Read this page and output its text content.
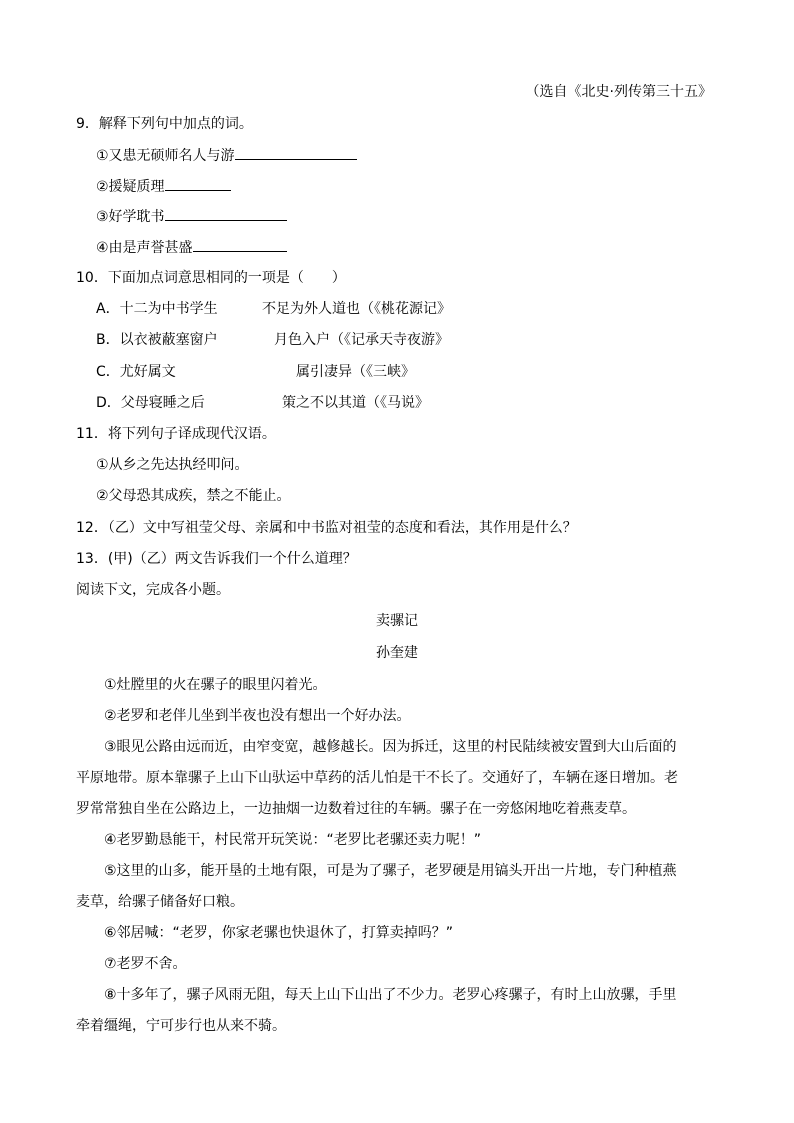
（选自《北史·列传第三十五》
9．解释下列句中加点的词。
①又患无硕师名人与游
②援疑质理
③好学耽书
④由是声誉甚盛
10．下面加点词意思相同的一项是（　　）
A．十二为中书学生	不足为外人道也（《桃花源记》
B．以衣被蔽塞窗户	月色入户（《记承天寺夜游》
C．尤好属文	属引凄异（《三峡》
D．父母寝睡之后	策之不以其道（《马说》
11．将下列句子译成现代汉语。
①从乡之先达执经叩问。
②父母恐其成疾，禁之不能止。
12．（乙）文中写祖莹父母、亲属和中书监对祖莹的态度和看法，其作用是什么？
13．(甲)（乙）两文告诉我们一个什么道理？
阅读下文，完成各小题。
卖骡记
孙奎建
①灶膛里的火在骡子的眼里闪着光。
②老罗和老伴儿坐到半夜也没有想出一个好办法。
③眼见公路由远而近，由窄变宽，越修越长。因为拆迁，这里的村民陆续被安置到大山后面的
平原地带。原本靠骡子上山下山驮运中草药的活儿怕是干不长了。交通好了，车辆在逐日增加。老
罗常常独自坐在公路边上，一边抽烟一边数着过往的车辆。骡子在一旁悠闲地吃着燕麦草。
④老罗勤恳能干，村民常开玩笑说：“老罗比老骡还卖力呢！”
⑤这里的山多，能开垦的土地有限，可是为了骡子，老罗硬是用镐头开出一片地，专门种植燕
麦草，给骡子储备好口粮。
⑥邻居喊：“老罗，你家老骡也快退休了，打算卖掉吗？”
⑦老罗不舍。
⑧十多年了，骡子风雨无阻，每天上山下山出了不少力。老罗心疼骡子，有时上山放骡，手里
牵着缰绳，宁可步行也从来不骑。
